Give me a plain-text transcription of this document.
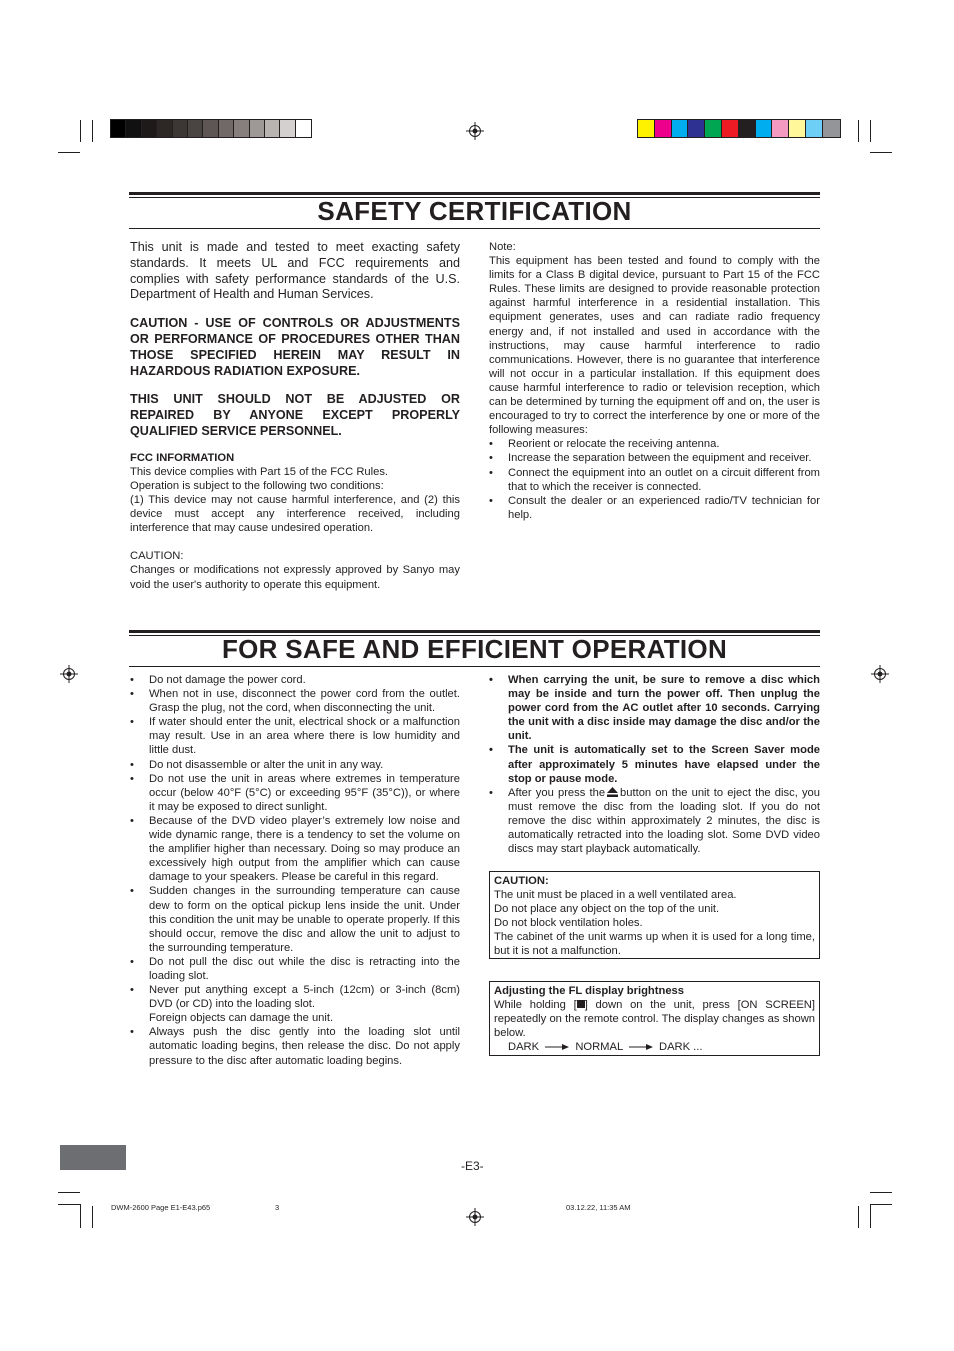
SAFETY CERTIFICATION

This unit is made and tested to meet exacting safety standards. It meets UL and FCC requirements and complies with safety performance standards of the U.S. Department of Health and Human Services.

CAUTION - USE OF CONTROLS OR ADJUSTMENTS OR PERFORMANCE OF PROCEDURES OTHER THAN THOSE SPECIFIED HEREIN MAY RESULT IN HAZARDOUS RADIATION EXPOSURE.

THIS UNIT SHOULD NOT BE ADJUSTED OR REPAIRED BY ANYONE EXCEPT PROPERLY QUALIFIED SERVICE PERSONNEL.

FCC INFORMATION

This device complies with Part 15 of the FCC Rules.

Operation is subject to the following two conditions:

(1) This device may not cause harmful interference, and (2) this device must accept any interference received, including interference that may cause undesired operation.

CAUTION:

Changes or modifications not expressly approved by Sanyo may void the user's authority to operate this equipment.

Note:

This equipment has been tested and found to comply with the limits for a Class B digital device, pursuant to Part 15 of the FCC Rules. These limits are designed to provide reasonable protection against harmful interference in a residential installation. This equipment generates, uses and can radiate radio frequency energy and, if not installed and used in accordance with the instructions, may cause harmful interference to radio communications. However, there is no guarantee that interference will not occur in a particular installation. If this equipment does cause harmful interference to radio or television reception, which can be determined by turning the equipment off and on, the user is encouraged to try to correct the interference by one or more of the following measures:

• Reorient or relocate the receiving antenna.
• Increase the separation between the equipment and receiver.
• Connect the equipment into an outlet on a circuit different from that to which the receiver is connected.
• Consult the dealer or an experienced radio/TV technician for help.
FOR SAFE AND EFFICIENT OPERATION
• Do not damage the power cord.
• When not in use, disconnect the power cord from the outlet. Grasp the plug, not the cord, when disconnecting the unit.
• If water should enter the unit, electrical shock or a malfunction may result. Use in an area where there is low humidity and little dust.
• Do not disassemble or alter the unit in any way.
• Do not use the unit in areas where extremes in temperature occur (below 40°F (5°C) or exceeding 95°F (35°C)), or where it may be exposed to direct sunlight.
• Because of the DVD video player’s extremely low noise and wide dynamic range, there is a tendency to set the volume on the amplifier higher than necessary. Doing so may produce an excessively high output from the amplifier which can cause damage to your speakers. Please be careful in this regard.
• Sudden changes in the surrounding temperature can cause dew to form on the optical pickup lens inside the unit. Under this condition the unit may be unable to operate properly. If this should occur, remove the disc and allow the unit to adjust to the surrounding temperature.
• Do not pull the disc out while the disc is retracting into the loading slot.
• Never put anything except a 5-inch (12cm) or 3-inch (8cm) DVD (or CD) into the loading slot.
Foreign objects can damage the unit.
• Always push the disc gently into the loading slot until automatic loading begins, then release the disc. Do not apply pressure to the disc after automatic loading begins.
• When carrying the unit, be sure to remove a disc which may be inside and turn the power off. Then unplug the power cord from the AC outlet after 10 seconds. Carrying the unit with a disc inside may damage the disc and/or the unit.
• The unit is automatically set to the Screen Saver mode after approximately 5 minutes have elapsed under the stop or pause mode.
• After you press the button on the unit to eject the disc, you must remove the disc from the loading slot. If you do not remove the disc within approximately 2 minutes, the disc is automatically retracted into the loading slot. Some DVD video discs may start playback automatically.

CAUTION:

The unit must be placed in a well ventilated area.

Do not place any object on the top of the unit.

Do not block ventilation holes.

The cabinet of the unit warms up when it is used for a long time, but it is not a malfunction.

Adjusting the FL display brightness

While holding [ ] down on the unit, press [ON SCREEN] repeatedly on the remote control. The display changes as shown below.

DARK	NORMAL	DARK ...

-E3-
DWM-2600 Page E1-E43.p65	3	03.12.22, 11:35 AM
